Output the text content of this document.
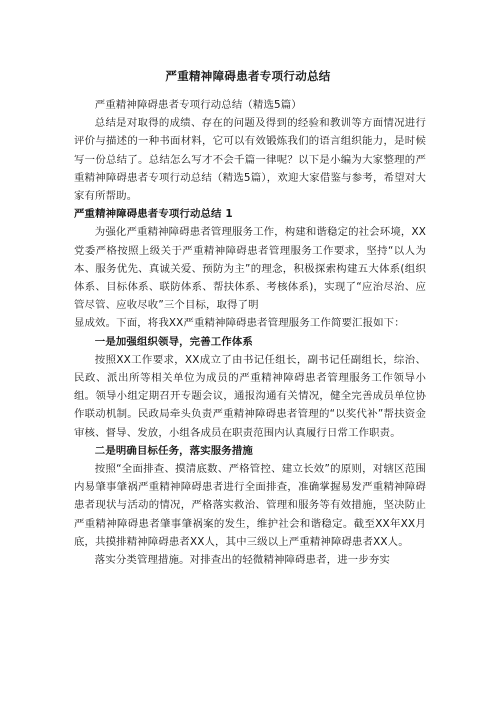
严重精神障碍患者专项行动总结

严重精神障碍患者专项行动总结（精选5篇）

总结是对取得的成绩、存在的问题及得到的经验和教训等方面情况进行评价与描述的一种书面材料，它可以有效锻炼我们的语言组织能力，是时候写一份总结了。总结怎么写才不会千篇一律呢？以下是小编为大家整理的严重精神障碍患者专项行动总结（精选5篇），欢迎大家借鉴与参考，希望对大家有所帮助。

严重精神障碍患者专项行动总结 1

为强化严重精神障碍患者管理服务工作，构建和谐稳定的社会环境，XX党委严格按照上级关于严重精神障碍患者管理服务工作要求，坚持“以人为本、服务优先、真诚关爱、预防为主”的理念，积极探索构建五大体系(组织体系、目标体系、联防体系、帮扶体系、考核体系)，实现了“应治尽治、应管尽管、应收尽收”三个目标，取得了明

显成效。下面，将我XX严重精神障碍患者管理服务工作简要汇报如下：

一是加强组织领导，完善工作体系

按照XX工作要求，XX成立了由书记任组长，副书记任副组长，综治、民政、派出所等相关单位为成员的严重精神障碍患者管理服务工作领导小组。领导小组定期召开专题会议，通报沟通有关情况，健全完善成员单位协作联动机制。民政局牵头负责严重精神障碍患者管理的“以奖代补”帮扶资金审核、督导、发放，小组各成员在职责范围内认真履行日常工作职责。

二是明确目标任务，落实服务措施

按照“全面排查、摸清底数、严格管控、建立长效”的原则，对辖区范围内易肇事肇祸严重精神障碍患者进行全面排查，准确掌握易发严重精神障碍患者现状与活动的情况，严格落实救治、管理和服务等有效措施，坚决防止严重精神障碍患者肇事肇祸案的发生，维护社会和谐稳定。截至XX年XX月底，共摸排精神障碍患者XX人，其中三级以上严重精神障碍患者XX人。

落实分类管理措施。对排查出的轻微精神障碍患者，进一步夯实
